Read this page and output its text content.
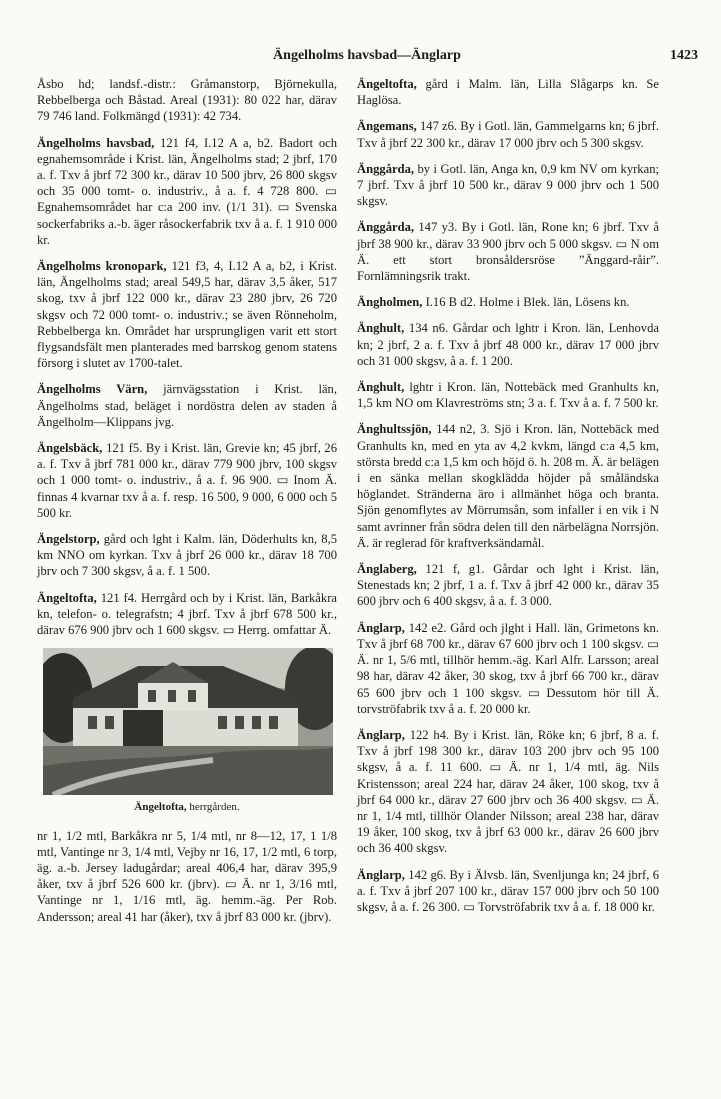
Ängelholms havsbad—Änglarp	1423

Åsbo hd; landsf.-distr.: Gråmanstorp, Björnekulla, Rebbelberga och Båstad. Areal (1931): 80 022 har, därav 79 746 land. Folkmängd (1931): 42 734.

Ängelholms havsbad, 121 f4, I.12 A a, b2. Badort och egnahemsområde i Krist. län, Ängelholms stad; 2 jbrf, 170 a. f. Txv å jbrf 72 300 kr., därav 10 500 jbrv, 26 800 skgsv och 35 000 tomt- o. industriv., å a. f. 4 728 800. ▭ Egnahemsområdet har c:a 200 inv. (1/1 31). ▭ Svenska sockerfabriks a.-b. äger råsockerfabrik txv å a. f. 1 910 000 kr.

Ängelholms kronopark, 121 f3, 4, I.12 A a, b2, i Krist. län, Ängelholms stad; areal 549,5 har, därav 3,5 åker, 517 skog, txv å jbrf 122 000 kr., därav 23 280 jbrv, 26 720 skgsv och 72 000 tomt- o. industriv.; se även Rönneholm, Rebbelberga kn. Området har ursprungligen varit ett stort flygsandsfält men planterades med barrskog genom statens försorg i slutet av 1700-talet.

Ängelholms Värn, järnvägsstation i Krist. län, Ängelholms stad, beläget i nordöstra delen av staden å Ängelholm—Klippans jvg.

Ängelsbäck, 121 f5. By i Krist. län, Grevie kn; 45 jbrf, 26 a. f. Txv å jbrf 781 000 kr., därav 779 900 jbrv, 100 skgsv och 1 000 tomt- o. industriv., å a. f. 96 900. ▭ Inom Ä. finnas 4 kvarnar txv å a. f. resp. 16 500, 9 000, 6 000 och 5 500 kr.

Ängelstorp, gård och lght i Kalm. län, Döderhults kn, 8,5 km NNO om kyrkan. Txv å jbrf 26 000 kr., därav 18 700 jbrv och 7 300 skgsv, å a. f. 1 500.

Ängeltofta, 121 f4. Herrgård och by i Krist. län, Barkåkra kn, telefon- o. telegrafstn; 4 jbrf. Txv å jbrf 678 500 kr., därav 676 900 jbrv och 1 600 skgsv. ▭ Herrg. omfattar Ä.

Ängeltofta, herrgården.

nr 1, 1/2 mtl, Barkåkra nr 5, 1/4 mtl, nr 8—12, 17, 1 1/8 mtl, Vantinge nr 3, 1/4 mtl, Vejby nr 16, 17, 1/2 mtl, 6 torp, äg. a.-b. Jersey ladugårdar; areal 406,4 har, därav 395,9 åker, txv å jbrf 526 600 kr. (jbrv). ▭ Ä. nr 1, 3/16 mtl, Vantinge nr 1, 1/16 mtl, äg. hemm.-äg. Per Rob. Andersson; areal 41 har (åker), txv å jbrf 83 000 kr. (jbrv).

Ängeltofta, gård i Malm. län, Lilla Slågarps kn. Se Haglösa.

Ängemans, 147 z6. By i Gotl. län, Gammelgarns kn; 6 jbrf. Txv å jbrf 22 300 kr., därav 17 000 jbrv och 5 300 skgsv.

Änggårda, by i Gotl. län, Anga kn, 0,9 km NV om kyrkan; 7 jbrf. Txv å jbrf 10 500 kr., därav 9 000 jbrv och 1 500 skgsv.

Änggårda, 147 y3. By i Gotl. län, Rone kn; 6 jbrf. Txv å jbrf 38 900 kr., därav 33 900 jbrv och 5 000 skgsv. ▭ N om Ä. ett stort bronsåldersröse ”Änggard-råir”. Fornlämningsrik trakt.

Ängholmen, I.16 B d2. Holme i Blek. län, Lösens kn.

Änghult, 134 n6. Gårdar och lghtr i Kron. län, Lenhovda kn; 2 jbrf, 2 a. f. Txv å jbrf 48 000 kr., därav 17 000 jbrv och 31 000 skgsv, å a. f. 1 200.

Änghult, lghtr i Kron. län, Nottebäck med Granhults kn, 1,5 km NO om Klavreströms stn; 3 a. f. Txv å a. f. 7 500 kr.

Änghultssjön, 144 n2, 3. Sjö i Kron. län, Nottebäck med Granhults kn, med en yta av 4,2 kvkm, längd c:a 4,5 km, största bredd c:a 1,5 km och höjd ö. h. 208 m. Ä. är belägen i en sänka mellan skogklädda höjder på småländska höglandet. Stränderna äro i allmänhet höga och branta. Sjön genomflytes av Mörrumsån, som infaller i en vik i N samt avrinner från södra delen till den närbelägna Norrsjön. Ä. är reglerad för kraftverksändamål.

Änglaberg, 121 f, g1. Gårdar och lght i Krist. län, Stenestads kn; 2 jbrf, 1 a. f. Txv å jbrf 42 000 kr., därav 35 600 jbrv och 6 400 skgsv, å a. f. 3 000.

Änglarp, 142 e2. Gård och jlght i Hall. län, Grimetons kn. Txv å jbrf 68 700 kr., därav 67 600 jbrv och 1 100 skgsv. ▭ Ä. nr 1, 5/6 mtl, tillhör hemm.-äg. Karl Alfr. Larsson; areal 98 har, därav 42 åker, 30 skog, txv å jbrf 66 700 kr., därav 65 600 jbrv och 1 100 skgsv. ▭ Dessutom hör till Ä. torvströfabrik txv å a. f. 20 000 kr.

Änglarp, 122 h4. By i Krist. län, Röke kn; 6 jbrf, 8 a. f. Txv å jbrf 198 300 kr., därav 103 200 jbrv och 95 100 skgsv, å a. f. 11 600. ▭ Ä. nr 1, 1/4 mtl, äg. Nils Kristensson; areal 224 har, därav 24 åker, 100 skog, txv å jbrf 64 000 kr., därav 27 600 jbrv och 36 400 skgsv. ▭ Ä. nr 1, 1/4 mtl, tillhör Olander Nilsson; areal 238 har, därav 19 åker, 100 skog, txv å jbrf 63 000 kr., därav 26 600 jbrv och 36 400 skgsv.

Änglarp, 142 g6. By i Älvsb. län, Svenljunga kn; 24 jbrf, 6 a. f. Txv å jbrf 207 100 kr., därav 157 000 jbrv och 50 100 skgsv, å a. f. 26 300. ▭ Torvströfabrik txv å a. f. 18 000 kr.
